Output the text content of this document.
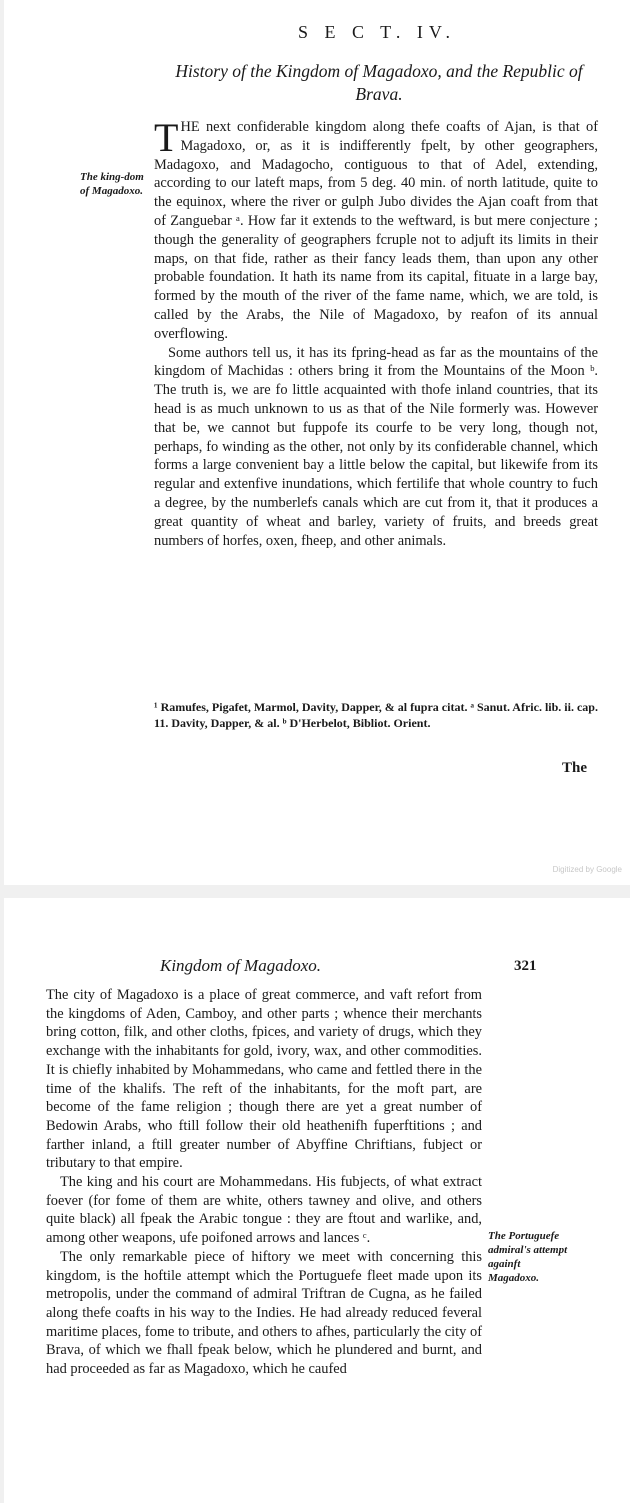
S E C T. IV.
History of the Kingdom of Magadoxo, and the Republic of Brava.
The king-dom of Magadoxo.

THE next confiderable kingdom along thefe coafts of Ajan, is that of Magadoxo, or, as it is indifferently fpelt, by other geographers, Madagoxo, and Madagocho, contiguous to that of Adel, extending, according to our lateft maps, from 5 deg. 40 min. of north latitude, quite to the equinox, where the river or gulph Jubo divides the Ajan coaft from that of Zanguebar ᵃ. How far it extends to the weftward, is but mere conjecture ; though the generality of geographers fcruple not to adjuft its limits in their maps, on that fide, rather as their fancy leads them, than upon any other probable foundation. It hath its name from its capital, fituate in a large bay, formed by the mouth of the river of the fame name, which, we are told, is called by the Arabs, the Nile of Magadoxo, by reafon of its annual overflowing.

Some authors tell us, it has its fpring-head as far as the mountains of the kingdom of Machidas : others bring it from the Mountains of the Moon ᵇ. The truth is, we are fo little acquainted with thofe inland countries, that its head is as much unknown to us as that of the Nile formerly was. However that be, we cannot but fuppofe its courfe to be very long, though not, perhaps, fo winding as the other, not only by its confiderable channel, which forms a large convenient bay a little below the capital, but likewife from its regular and extenfive inundations, which fertilife that whole country to fuch a degree, by the numberlefs canals which are cut from it, that it produces a great quantity of wheat and barley, variety of fruits, and breeds great numbers of horfes, oxen, fheep, and other animals.

¹ Ramufes, Pigafet, Marmol, Davity, Dapper, & al fupra citat. ᵃ Sanut. Afric. lib. ii. cap. 11. Davity, Dapper, & al. ᵇ D'Herbelot, Bibliot. Orient.

The
Digitized by Google
Kingdom of Magadoxo.	321

The city of Magadoxo is a place of great commerce, and vaft refort from the kingdoms of Aden, Camboy, and other parts ; whence their merchants bring cotton, filk, and other cloths, fpices, and variety of drugs, which they exchange with the inhabitants for gold, ivory, wax, and other commodities. It is chiefly inhabited by Mohammedans, who came and fettled there in the time of the khalifs. The reft of the inhabitants, for the moft part, are become of the fame religion ; though there are yet a great number of Bedowin Arabs, who ftill follow their old heathenifh fuperftitions ; and farther inland, a ftill greater number of Abyffine Chriftians, fubject or tributary to that empire.

The king and his court are Mohammedans. His fubjects, of what extract foever (for fome of them are white, others tawney and olive, and others quite black) all fpeak the Arabic tongue : they are ftout and warlike, and, among other weapons, ufe poifoned arrows and lances ᶜ.

The only remarkable piece of hiftory we meet with concerning this kingdom, is the hoftile attempt which the Portuguefe fleet made upon its metropolis, under the command of admiral Triftran de Cugna, as he failed along thefe coafts in his way to the Indies. He had already reduced feveral maritime places, fome to tribute, and others to afhes, particularly the city of Brava, of which we fhall fpeak below, which he plundered and burnt, and had proceeded as far as Magadoxo, which he caufed

The Portuguefe admiral's attempt againft Magadoxo.
